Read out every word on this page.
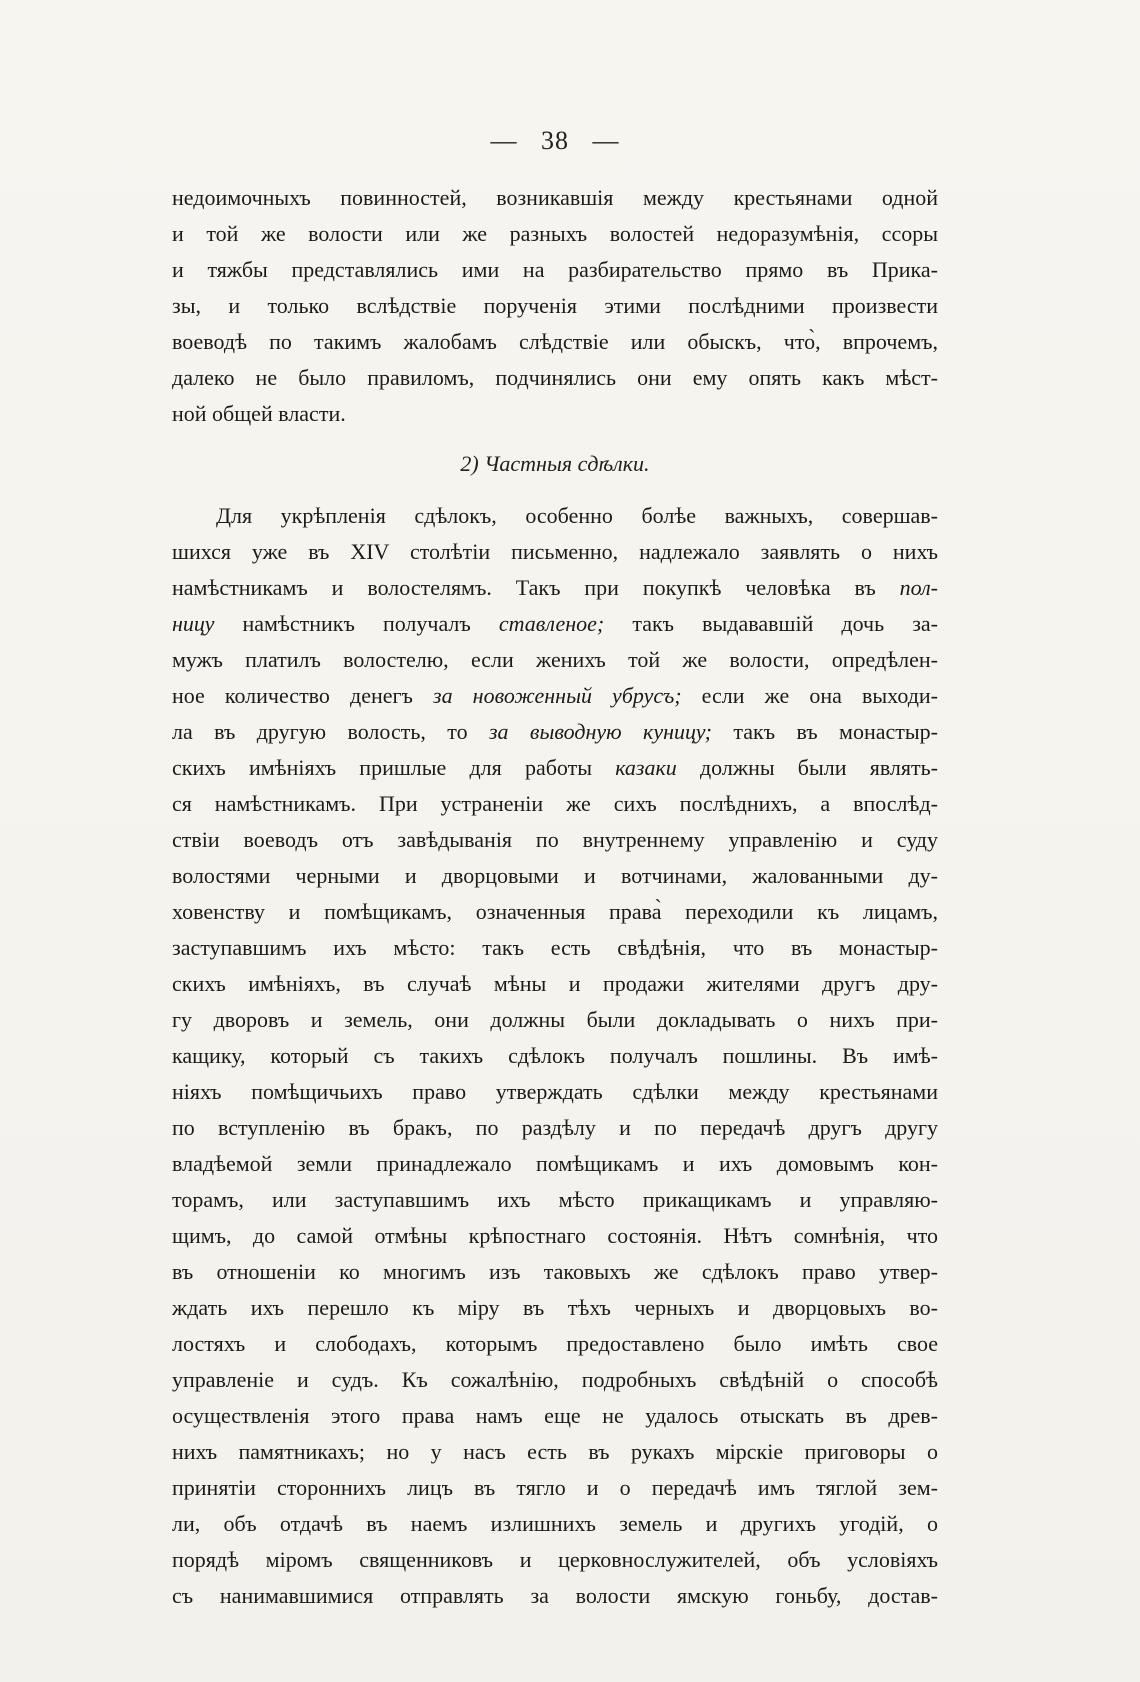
— 38 —
недоимочныхъ повинностей, возникавшія между крестьянами одной
и той же волости или же разныхъ волостей недоразумѣнія, ссоры
и тяжбы представлялись ими на разбирательство прямо въ Прика-
зы, и только вслѣдствіе порученія этими послѣдними произвести
воеводѣ по такимъ жалобамъ слѣдствіе или обыскъ, что̀, впрочемъ,
далеко не было правиломъ, подчинялись они ему опять какъ мѣст-
ной общей власти.
2) Частныя сдѣлки.
Для укрѣпленія сдѣлокъ, особенно болѣе важныхъ, совершав-
шихся уже въ XIV столѣтіи письменно, надлежало заявлять о нихъ
намѣстникамъ и волостелямъ. Такъ при покупкѣ человѣка въ пол-
ницу намѣстникъ получалъ ставленое; такъ выдававшій дочь за-
мужъ платилъ волостелю, если женихъ той же волости, опредѣлен-
ное количество денегъ за новоженный убрусъ; если же она выходи-
ла въ другую волость, то за выводную куницу; такъ въ монастыр-
скихъ имѣніяхъ пришлые для работы казаки должны были являть-
ся намѣстникамъ. При устраненіи же сихъ послѣднихъ, а впослѣд-
ствіи воеводъ отъ завѣдыванія по внутреннему управленію и суду
волостями черными и дворцовыми и вотчинами, жалованными ду-
ховенству и помѣщикамъ, означенныя права̀ переходили къ лицамъ,
заступавшимъ ихъ мѣсто: такъ есть свѣдѣнія, что въ монастыр-
скихъ имѣніяхъ, въ случаѣ мѣны и продажи жителями другъ дру-
гу дворовъ и земель, они должны были докладывать о нихъ при-
кащику, который съ такихъ сдѣлокъ получалъ пошлины. Въ имѣ-
ніяхъ помѣщичьихъ право утверждать сдѣлки между крестьянами
по вступленію въ бракъ, по раздѣлу и по передачѣ другъ другу
владѣемой земли принадлежало помѣщикамъ и ихъ домовымъ кон-
торамъ, или заступавшимъ ихъ мѣсто прикащикамъ и управляю-
щимъ, до самой отмѣны крѣпостнаго состоянія. Нѣтъ сомнѣнія, что
въ отношеніи ко многимъ изъ таковыхъ же сдѣлокъ право утвер-
ждать ихъ перешло къ міру въ тѣхъ черныхъ и дворцовыхъ во-
лостяхъ и слободахъ, которымъ предоставлено было имѣть свое
управленіе и судъ. Къ сожалѣнію, подробныхъ свѣдѣній о способѣ
осуществленія этого права намъ еще не удалось отыскать въ древ-
нихъ памятникахъ; но у насъ есть въ рукахъ мірскіе приговоры о
принятіи стороннихъ лицъ въ тягло и о передачѣ имъ тяглой зем-
ли, объ отдачѣ въ наемъ излишнихъ земель и другихъ угодій, о
порядѣ міромъ священниковъ и церковнослужителей, объ условіяхъ
съ нанимавшимися отправлять за волости ямскую гоньбу, достав-
